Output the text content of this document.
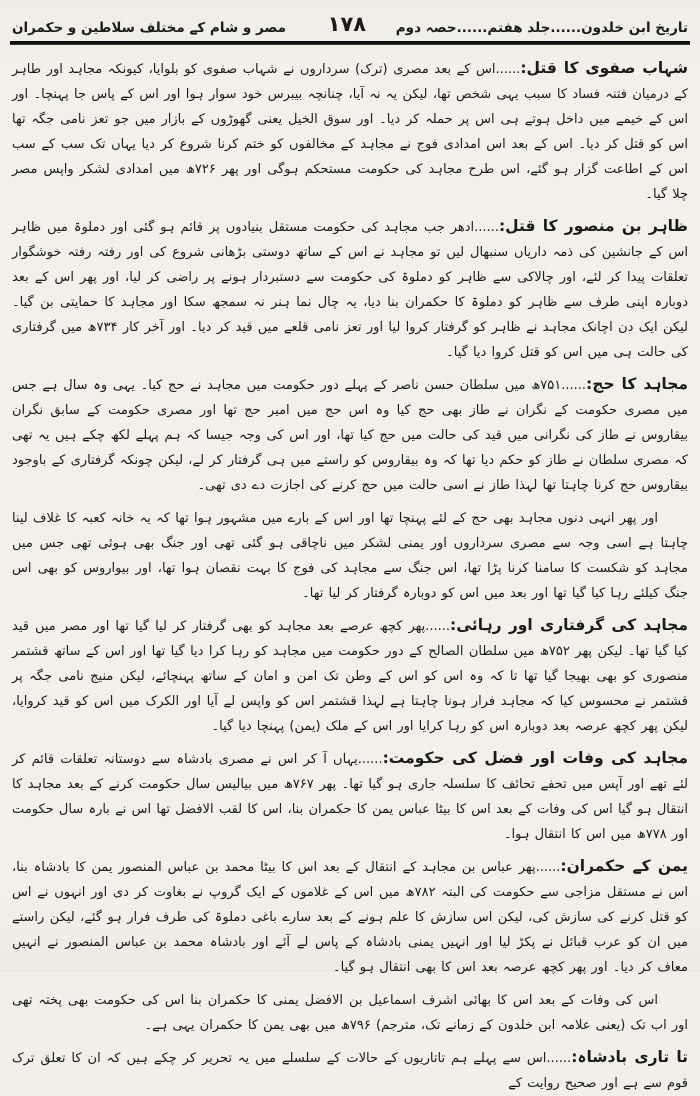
تاریخ ابن خلدون......جلد هفتم......حصہ دوم
۱۷۸
مصر و شام کے مختلف سلاطین و حکمران

شہاب صفوی کا قتل:......اس کے بعد مصری (ترک) سرداروں نے شہاب صفوی کو بلوایا، کیونکہ مجاہد اور طاہر کے درمیان فتنہ فساد کا سبب یہی شخص تھا، لیکن یہ نہ آیا، چنانچہ بیبرس خود سوار ہوا اور اس کے پاس جا پہنچا۔ اور اس کے خیمے میں داخل ہوتے ہی اس پر حملہ کر دیا۔ اور سوق الخیل یعنی گھوڑوں کے بازار میں جو تعز نامی جگہ تھا اس کو قتل کر دیا۔ اس کے بعد اس امدادی فوج نے مجاہد کے مخالفوں کو ختم کرنا شروع کر دیا یہاں تک سب کے سب اس کے اطاعت گزار ہو گئے، اس طرح مجاہد کی حکومت مستحکم ہوگی اور پھر ۷۲۶ھ میں امدادی لشکر واپس مصر چلا گیا۔

ظاہر بن منصور کا قتل:......ادھر جب مجاہد کی حکومت مستقل بنیادوں پر قائم ہو گئی اور دملوۃ میں ظاہر اس کے جانشین کی ذمہ داریاں سنبھال لیں تو مجاہد نے اس کے ساتھ دوستی بڑھانی شروع کی اور رفتہ رفتہ خوشگوار تعلقات پیدا کر لئے، اور چالاکی سے ظاہر کو دملوۃ کی حکومت سے دستبردار ہونے پر راضی کر لیا، اور پھر اس کے بعد دوبارہ اپنی طرف سے ظاہر کو دملوۃ کا حکمران بنا دیا، یہ چال نما ہنر نہ سمجھ سکا اور مجاہد کا حمایتی بن گیا۔ لیکن ایک دن اچانک مجاہد نے ظاہر کو گرفتار کروا لیا اور تعز نامی قلعے میں قید کر دیا۔ اور آخر کار ۷۳۴ھ میں گرفتاری کی حالت ہی میں اس کو قتل کروا دیا گیا۔

مجاہد کا حج:......۷۵۱ھ میں سلطان حسن ناصر کے پہلے دور حکومت میں مجاہد نے حج کیا۔ یہی وہ سال ہے جس میں مصری حکومت کے نگران نے طاز بھی حج کیا وہ اس حج میں امیر حج تھا اور مصری حکومت کے سابق نگران بیقاروس نے طاز کی نگرانی میں قید کی حالت میں حج کیا تھا، اور اس کی وجہ جیسا کہ ہم پہلے لکھ چکے ہیں یہ تھی کہ مصری سلطان نے طاز کو حکم دیا تھا کہ وہ بیقاروس کو راستے میں ہی گرفتار کر لے، لیکن چونکہ گرفتاری کے باوجود بیقاروس حج کرنا چاہتا تھا لہذا طاز نے اسی حالت میں حج کرنے کی اجازت دے دی تھی۔

اور پھر انہی دنوں مجاہد بھی حج کے لئے پہنچا تھا اور اس کے بارے میں مشہور ہوا تھا کہ یہ خانہ کعبہ کا غلاف لینا چاہتا ہے اسی وجہ سے مصری سرداروں اور یمنی لشکر میں ناچاقی ہو گئی تھی اور جنگ بھی ہوئی تھی جس میں مجاہد کو شکست کا سامنا کرنا پڑا تھا، اس جنگ سے مجاہد کی فوج کا بہت نقصان ہوا تھا، اور بیواروس کو بھی اس جنگ کیلئے رہا کیا گیا تھا اور بعد میں اس کو دوبارہ گرفتار کر لیا تھا۔

مجاہد کی گرفتاری اور رہائی:......پھر کچھ عرصے بعد مجاہد کو بھی گرفتار کر لیا گیا تھا اور مصر میں قید کیا گیا تھا۔ لیکن پھر ۷۵۲ھ میں سلطان الصالح کے دور حکومت میں مجاہد کو رہا کرا دیا گیا تھا اور اس کے ساتھ قشتمر منصوری کو بھی بھیجا گیا تھا تا کہ وہ اس کو اس کے وطن تک امن و امان کے ساتھ پہنچائے، لیکن منیج نامی جگہ پر قشتمر نے محسوس کیا کہ مجاہد فرار ہونا چاہتا ہے لہذا قشتمر اس کو واپس لے آیا اور الکرک میں اس کو قید کروایا، لیکن پھر کچھ عرصہ بعد دوبارہ اس کو رہا کرایا اور اس کے ملک (یمن) پہنچا دیا گیا۔

مجاہد کی وفات اور فضل کی حکومت:......یہاں آ کر اس نے مصری بادشاہ سے دوستانہ تعلقات قائم کر لئے تھے اور آپس میں تحفے تحائف کا سلسلہ جاری ہو گیا تھا۔ پھر ۷۶۷ھ میں بیالیس سال حکومت کرنے کے بعد مجاہد کا انتقال ہو گیا اس کی وفات کے بعد اس کا بیٹا عباس یمن کا حکمران بنا، اس کا لقب الافضل تھا اس نے بارہ سال حکومت اور ۷۷۸ھ میں اس کا انتقال ہوا۔

یمن کے حکمران:......پھر عباس بن مجاہد کے انتقال کے بعد اس کا بیٹا محمد بن عباس المنصور یمن کا بادشاہ بنا، اس نے مستقل مزاجی سے حکومت کی البتہ ۷۸۲ھ میں اس کے غلاموں کے ایک گروپ نے بغاوت کر دی اور انہوں نے اس کو قتل کرنے کی سازش کی، لیکن اس سازش کا علم ہونے کے بعد سارے باغی دملوۃ کی طرف فرار ہو گئے، لیکن راستے میں ان کو عرب قبائل نے پکڑ لیا اور انہیں یمنی بادشاہ کے پاس لے آئے اور بادشاہ محمد بن عباس المنصور نے انہیں معاف کر دیا۔ اور پھر کچھ عرصہ بعد اس کا بھی انتقال ہو گیا۔

اس کی وفات کے بعد اس کا بھائی اشرف اسماعیل بن الافضل یمنی کا حکمران بنا اس کی حکومت بھی پختہ تھی اور اب تک (یعنی علامہ ابن خلدون کے زمانے تک، مترجم) ۷۹۶ھ میں بھی یمن کا حکمران یہی ہے۔

تا تاری بادشاہ:......اس سے پہلے ہم تاتاریوں کے حالات کے سلسلے میں یہ تحریر کر چکے ہیں کہ ان کا تعلق ترک قوم سے ہے اور صحیح روایت کے
